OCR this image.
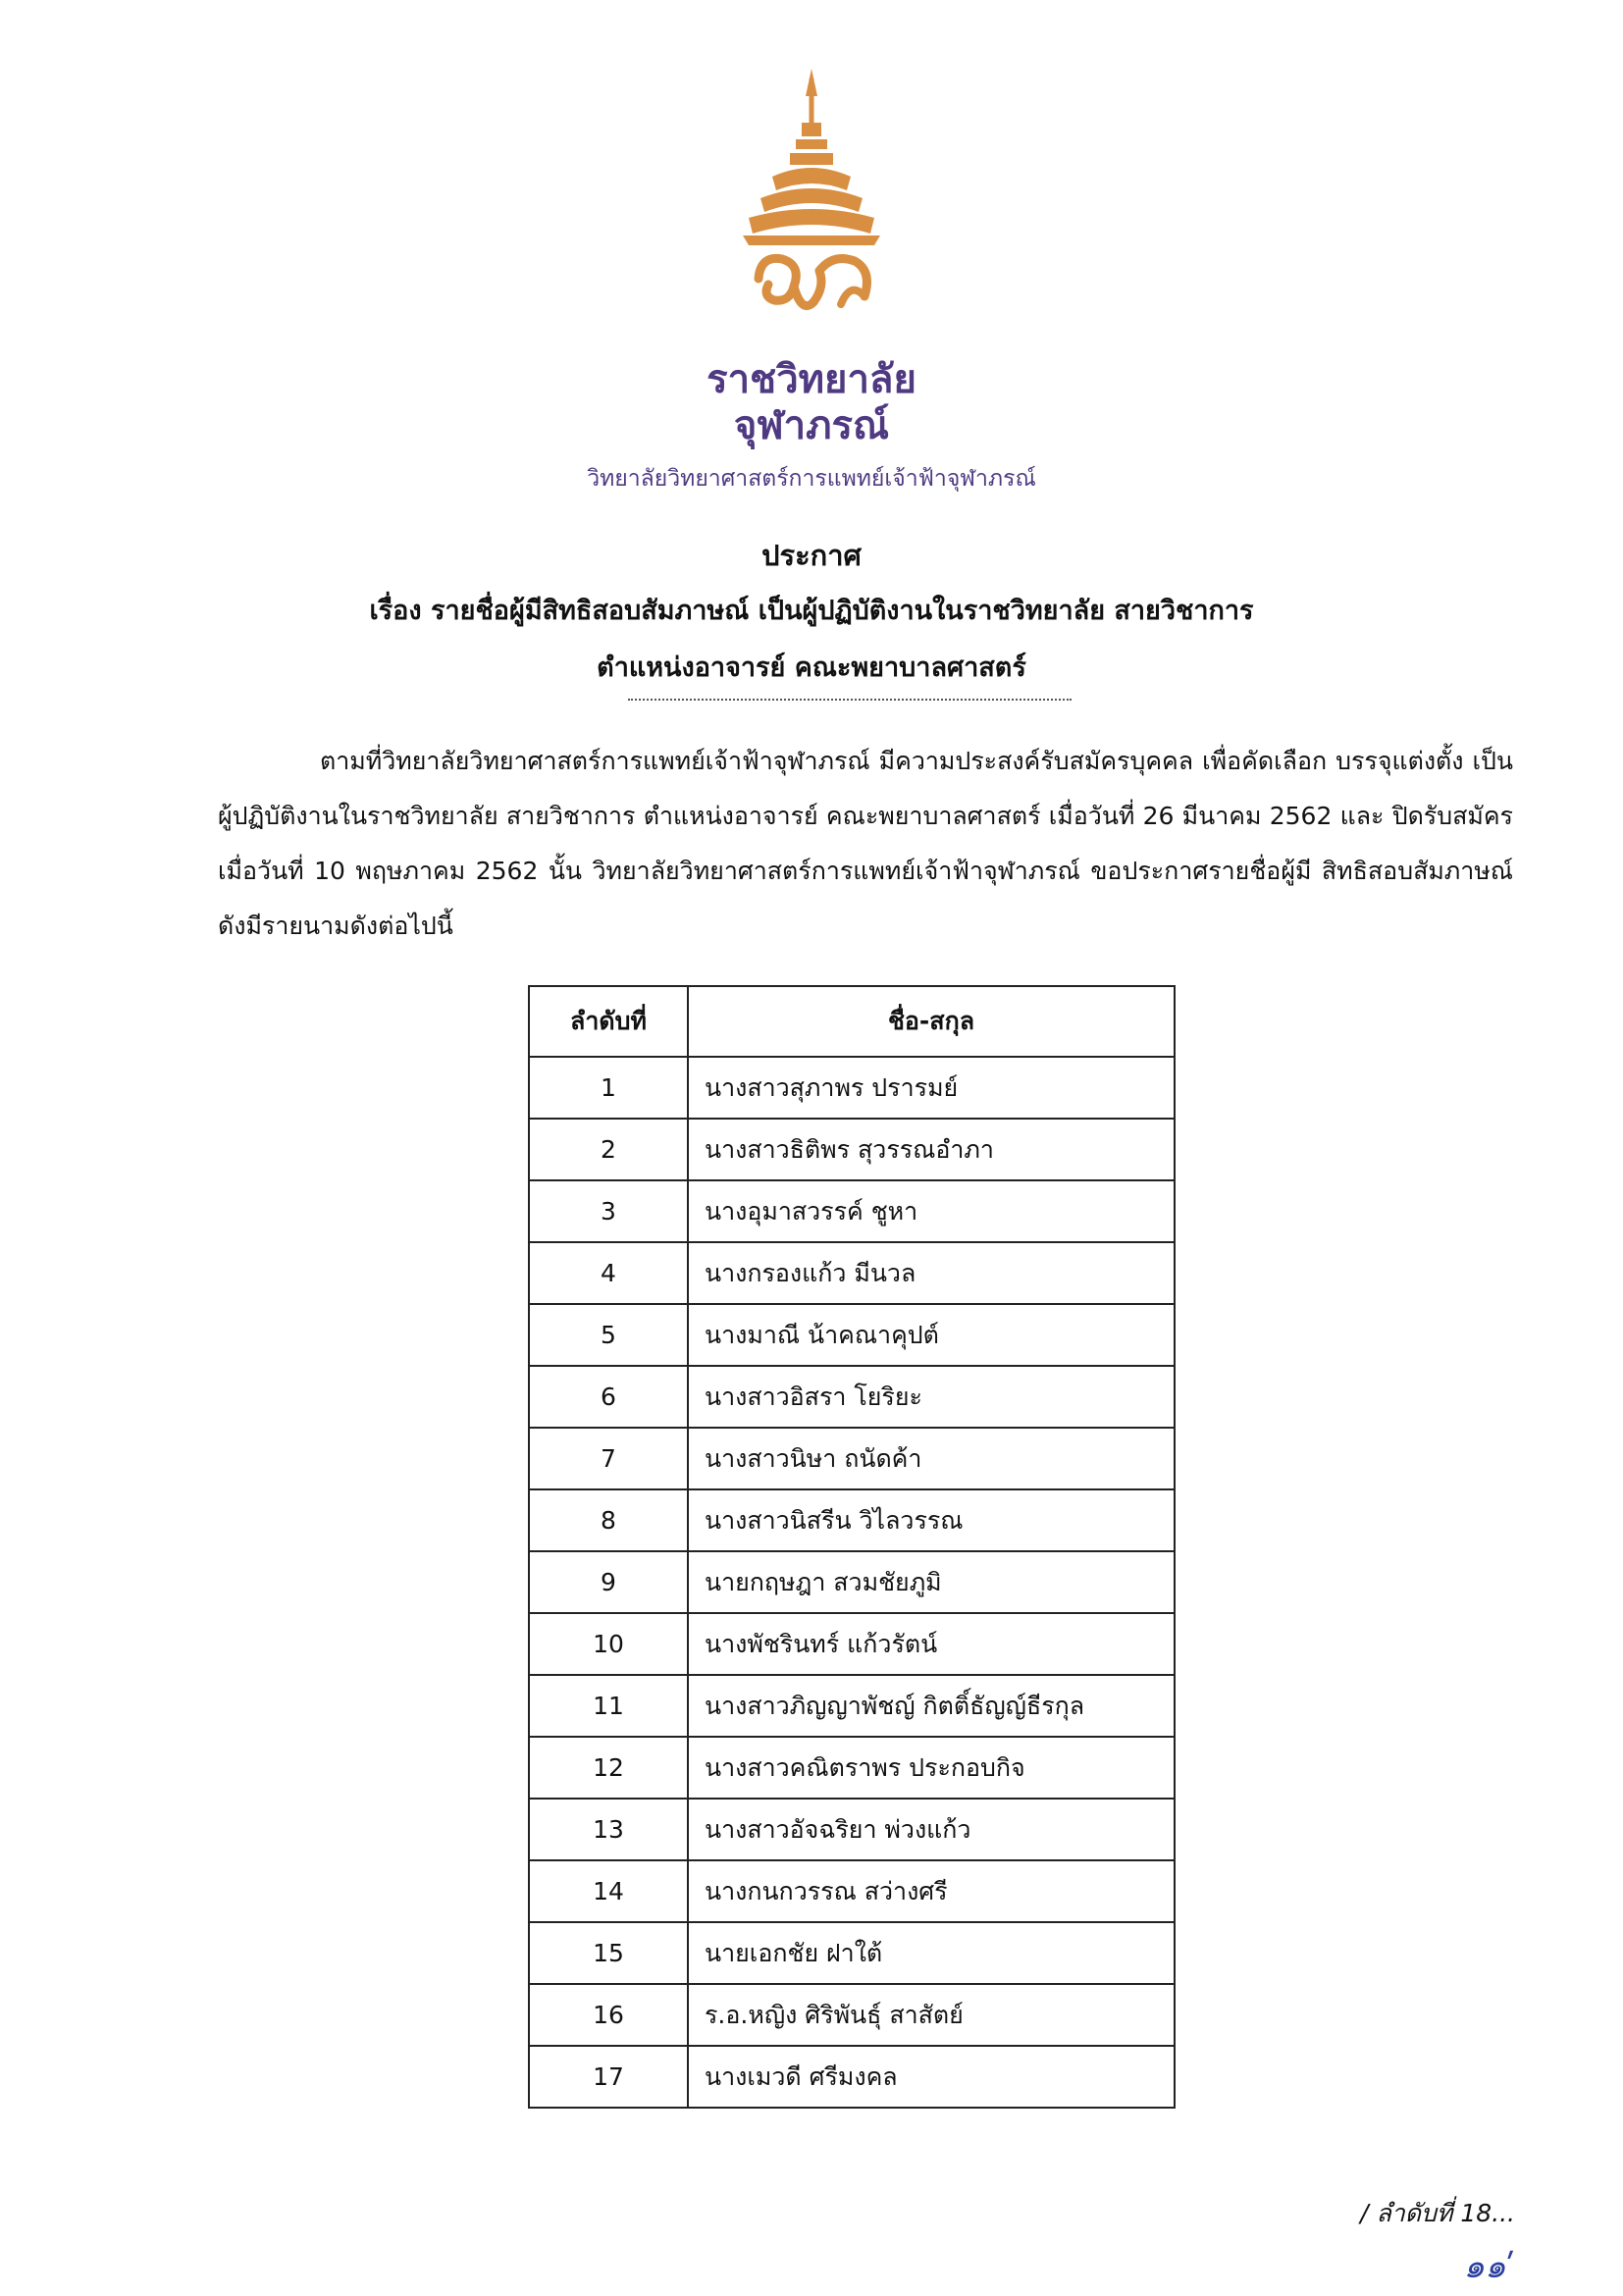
ราชวิทยาลัย
จุฬาภรณ์
วิทยาลัยวิทยาศาสตร์การแพทย์เจ้าฟ้าจุฬาภรณ์
ประกาศ
เรื่อง รายชื่อผู้มีสิทธิสอบสัมภาษณ์ เป็นผู้ปฏิบัติงานในราชวิทยาลัย สายวิชาการ
ตำแหน่งอาจารย์ คณะพยาบาลศาสตร์
ตามที่วิทยาลัยวิทยาศาสตร์การแพทย์เจ้าฟ้าจุฬาภรณ์ มีความประสงค์รับสมัครบุคคล เพื่อคัดเลือก บรรจุแต่งตั้ง เป็นผู้ปฏิบัติงานในราชวิทยาลัย สายวิชาการ ตำแหน่งอาจารย์ คณะพยาบาลศาสตร์ เมื่อวันที่ 26 มีนาคม 2562 และ ปิดรับสมัครเมื่อวันที่ 10 พฤษภาคม 2562 นั้น วิทยาลัยวิทยาศาสตร์การแพทย์เจ้าฟ้าจุฬาภรณ์ ขอประกาศรายชื่อผู้มี สิทธิสอบสัมภาษณ์ ดังมีรายนามดังต่อไปนี้
ลำดับที่	ชื่อ-สกุล
1	นางสาวสุภาพร ปรารมย์
2	นางสาวธิติพร สุวรรณอำภา
3	นางอุมาสวรรค์ ชูหา
4	นางกรองแก้ว มีนวล
5	นางมาณี น้าคณาคุปต์
6	นางสาวอิสรา โยริยะ
7	นางสาวนิษา ถนัดค้า
8	นางสาวนิสรีน วิไลวรรณ
9	นายกฤษฎา สวมชัยภูมิ
10	นางพัชรินทร์ แก้วรัตน์
11	นางสาวภิญญาพัชญ์ กิตติ์ธัญญ์ธีรกุล
12	นางสาวคณิตราพร ประกอบกิจ
13	นางสาวอัจฉริยา พ่วงแก้ว
14	นางกนกวรรณ สว่างศรี
15	นายเอกชัย ฝาใต้
16	ร.อ.หญิง ศิริพันธุ์ สาสัตย์
17	นางเมวดี ศรีมงคล
/ ลำดับที่ 18...
๑๑ʹ
